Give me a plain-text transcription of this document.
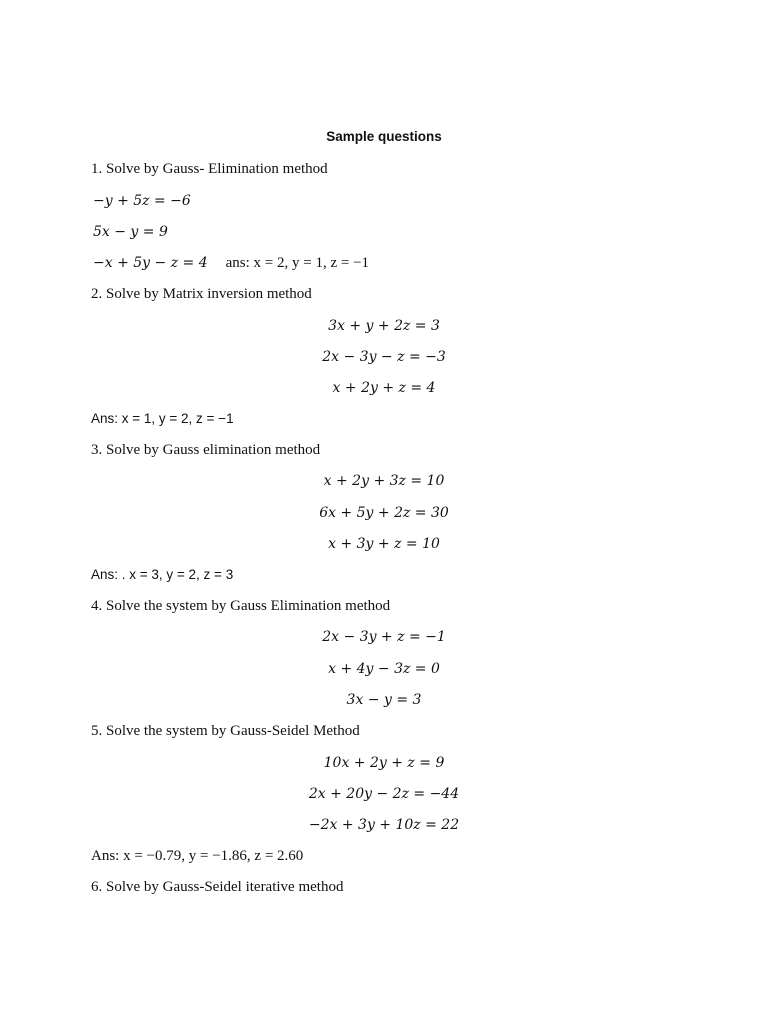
Sample questions
1. Solve by Gauss- Elimination method
−y + 5z = −6
5x − y = 9
−x + 5y − z = 4 ans: x = 2, y = 1, z = −1
2. Solve by Matrix inversion method
3x + y + 2z = 3
2x − 3y − z = −3
x + 2y + z = 4
Ans: x = 1, y = 2, z = −1
3. Solve by Gauss elimination method
x + 2y + 3z = 10
6x + 5y + 2z = 30
x + 3y + z = 10
Ans: . x = 3, y = 2, z = 3
4. Solve the system by Gauss Elimination method
2x − 3y + z = −1
x + 4y − 3z = 0
3x − y = 3
5. Solve the system by Gauss-Seidel Method
10x + 2y + z = 9
2x + 20y − 2z = −44
−2x + 3y + 10z = 22
Ans: x = −0.79, y = −1.86, z = 2.60
6. Solve by Gauss-Seidel iterative method
